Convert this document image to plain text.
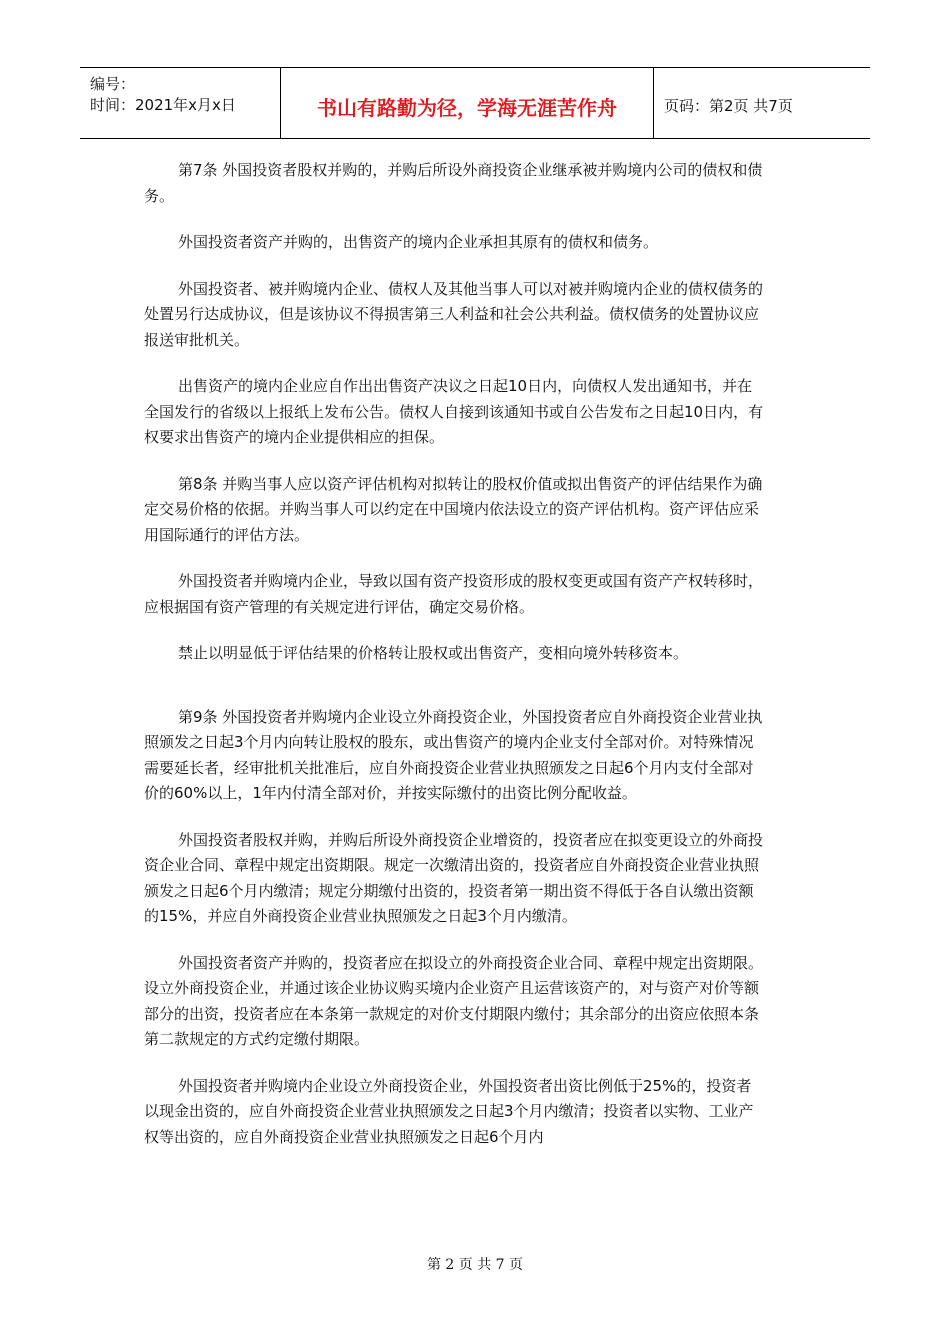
编号：
时间：2021年x月x日	书山有路勤为径，学海无涯苦作舟	页码：第2页 共7页

第7条 外国投资者股权并购的，并购后所设外商投资企业继承被并购境内公司的债权和债务。

外国投资者资产并购的，出售资产的境内企业承担其原有的债权和债务。

外国投资者、被并购境内企业、债权人及其他当事人可以对被并购境内企业的债权债务的处置另行达成协议，但是该协议不得损害第三人利益和社会公共利益。债权债务的处置协议应报送审批机关。

出售资产的境内企业应自作出出售资产决议之日起10日内，向债权人发出通知书，并在全国发行的省级以上报纸上发布公告。债权人自接到该通知书或自公告发布之日起10日内，有权要求出售资产的境内企业提供相应的担保。

第8条 并购当事人应以资产评估机构对拟转让的股权价值或拟出售资产的评估结果作为确定交易价格的依据。并购当事人可以约定在中国境内依法设立的资产评估机构。资产评估应采用国际通行的评估方法。

外国投资者并购境内企业，导致以国有资产投资形成的股权变更或国有资产产权转移时，应根据国有资产管理的有关规定进行评估，确定交易价格。

禁止以明显低于评估结果的价格转让股权或出售资产，变相向境外转移资本。

第9条 外国投资者并购境内企业设立外商投资企业，外国投资者应自外商投资企业营业执照颁发之日起3个月内向转让股权的股东，或出售资产的境内企业支付全部对价。对特殊情况需要延长者，经审批机关批准后，应自外商投资企业营业执照颁发之日起6个月内支付全部对价的60%以上，1年内付清全部对价，并按实际缴付的出资比例分配收益。

外国投资者股权并购，并购后所设外商投资企业增资的，投资者应在拟变更设立的外商投资企业合同、章程中规定出资期限。规定一次缴清出资的，投资者应自外商投资企业营业执照颁发之日起6个月内缴清；规定分期缴付出资的，投资者第一期出资不得低于各自认缴出资额的15%，并应自外商投资企业营业执照颁发之日起3个月内缴清。

外国投资者资产并购的，投资者应在拟设立的外商投资企业合同、章程中规定出资期限。设立外商投资企业，并通过该企业协议购买境内企业资产且运营该资产的，对与资产对价等额部分的出资，投资者应在本条第一款规定的对价支付期限内缴付；其余部分的出资应依照本条第二款规定的方式约定缴付期限。

外国投资者并购境内企业设立外商投资企业，外国投资者出资比例低于25%的，投资者以现金出资的，应自外商投资企业营业执照颁发之日起3个月内缴清；投资者以实物、工业产权等出资的，应自外商投资企业营业执照颁发之日起6个月内

第 2 页 共 7 页
